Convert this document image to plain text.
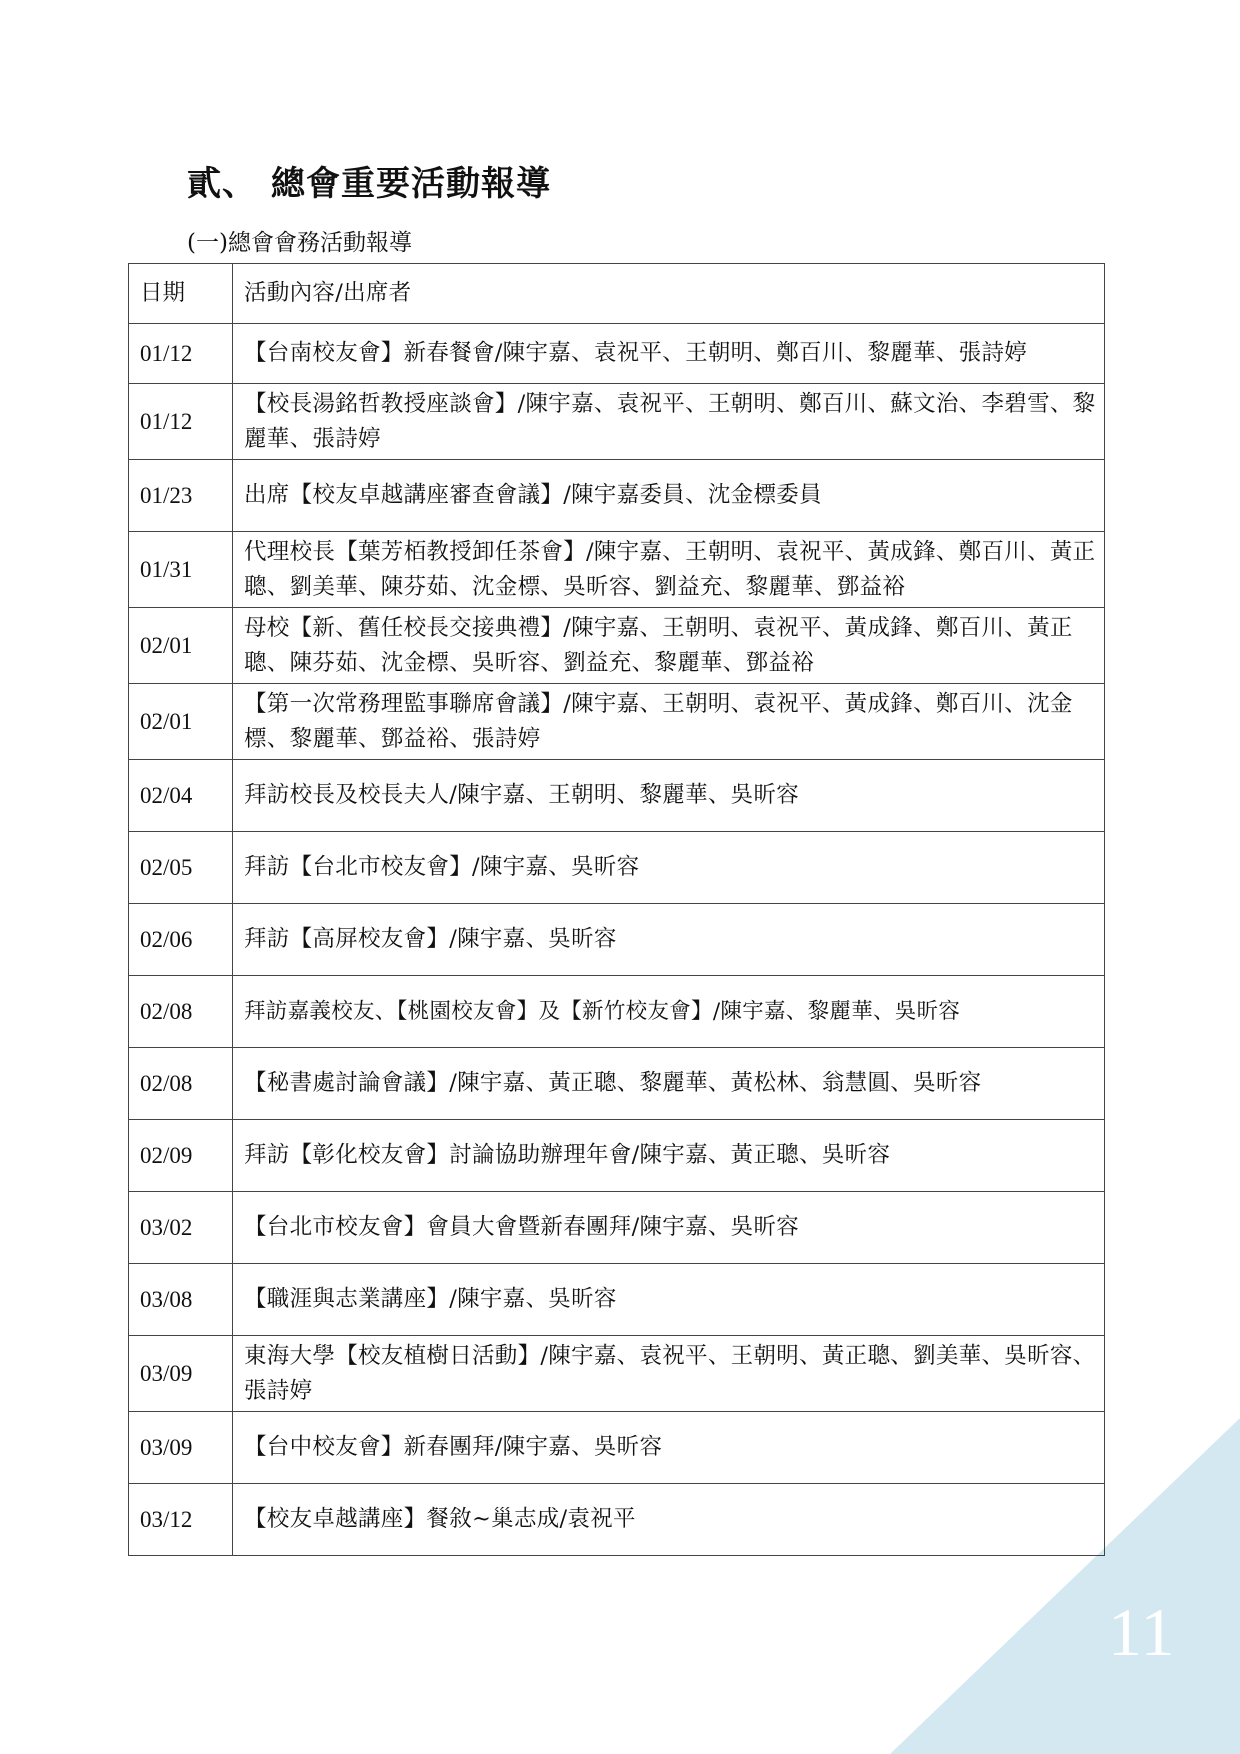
11
貳、 總會重要活動報導
(一)總會會務活動報導
日期	活動內容/出席者
01/12	【台南校友會】新春餐會/陳宇嘉、袁祝平、王朝明、鄭百川、黎麗華、張詩婷
01/12	【校長湯銘哲教授座談會】/陳宇嘉、袁祝平、王朝明、鄭百川、蘇文治、李碧雪、黎麗華、張詩婷
01/23	出席【校友卓越講座審查會議】/陳宇嘉委員、沈金標委員
01/31	代理校長【葉芳栢教授卸任茶會】/陳宇嘉、王朝明、袁祝平、黃成鋒、鄭百川、黃正聰、劉美華、陳芬茹、沈金標、吳昕容、劉益充、黎麗華、鄧益裕
02/01	母校【新、舊任校長交接典禮】/陳宇嘉、王朝明、袁祝平、黃成鋒、鄭百川、黃正聰、陳芬茹、沈金標、吳昕容、劉益充、黎麗華、鄧益裕
02/01	【第一次常務理監事聯席會議】/陳宇嘉、王朝明、袁祝平、黃成鋒、鄭百川、沈金標、黎麗華、鄧益裕、張詩婷
02/04	拜訪校長及校長夫人/陳宇嘉、王朝明、黎麗華、吳昕容
02/05	拜訪【台北市校友會】/陳宇嘉、吳昕容
02/06	拜訪【高屏校友會】/陳宇嘉、吳昕容
02/08	拜訪嘉義校友、【桃園校友會】及【新竹校友會】/陳宇嘉、黎麗華、吳昕容
02/08	【秘書處討論會議】/陳宇嘉、黃正聰、黎麗華、黃松林、翁慧圓、吳昕容
02/09	拜訪【彰化校友會】討論協助辦理年會/陳宇嘉、黃正聰、吳昕容
03/02	【台北市校友會】會員大會暨新春團拜/陳宇嘉、吳昕容
03/08	【職涯與志業講座】/陳宇嘉、吳昕容
03/09	東海大學【校友植樹日活動】/陳宇嘉、袁祝平、王朝明、黃正聰、劉美華、吳昕容、張詩婷
03/09	【台中校友會】新春團拜/陳宇嘉、吳昕容
03/12	【校友卓越講座】餐敘~巢志成/袁祝平
